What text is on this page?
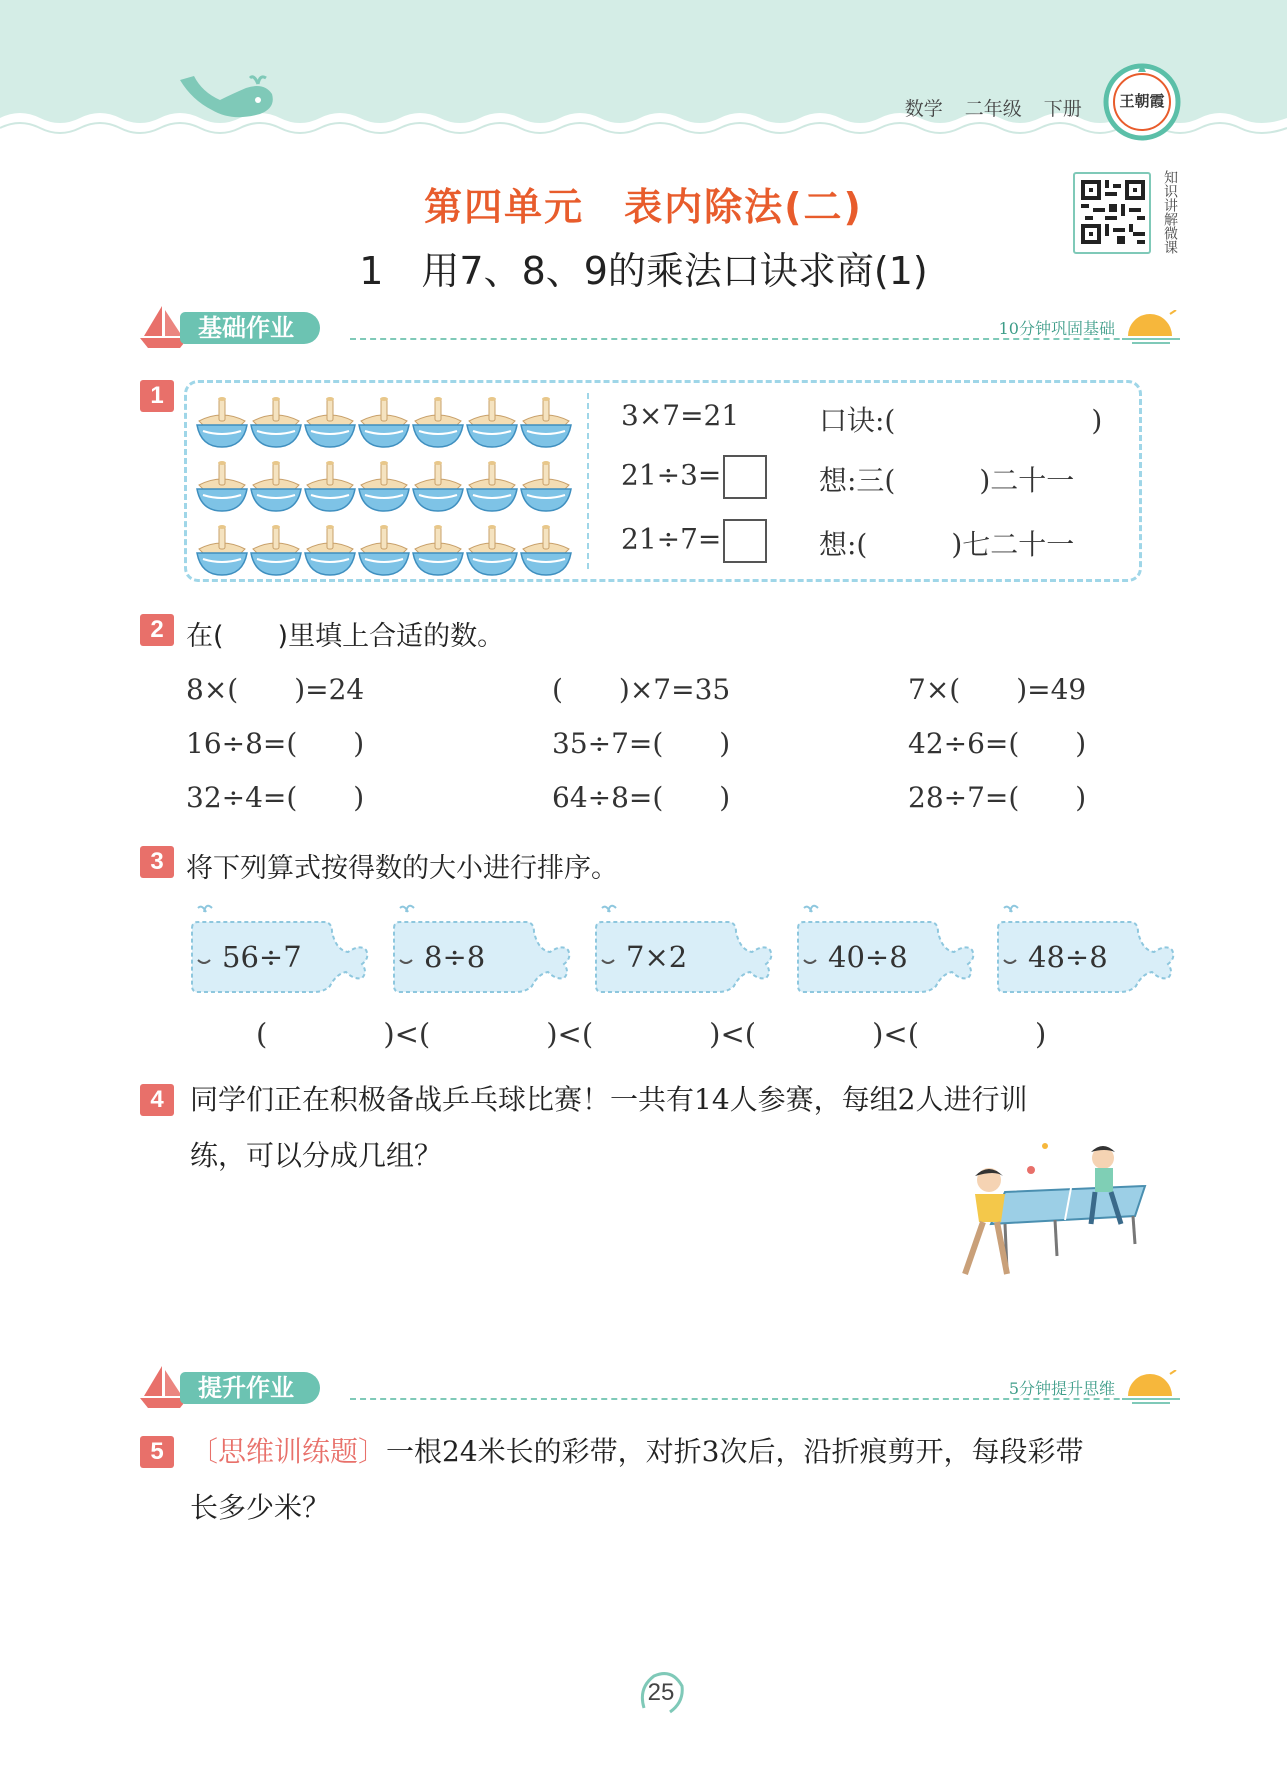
数学 二年级 下册	王朝霞
第四单元　表内除法(二)
1　用7、8、9的乘法口诀求商(1)
知识讲解微课
基础作业	10分钟巩固基础
1
3×7=21	口诀:(　　　　　　　)
21÷3=	想:三(　　　)二十一
21÷7=	想:(　　　)七二十一
2 在(　　)里填上合适的数。
8×(　　)=24	(　　)×7=35	7×(　　)=49
16÷8=(　　)	35÷7=(　　)	42÷6=(　　)
32÷4=(　　)	64÷8=(　　)	28÷7=(　　)
3 将下列算式按得数的大小进行排序。
56÷7	8÷8	7×2	40÷8	48÷8
(　　　　)<(　　　　)<(　　　　)<(　　　　)<(　　　　)
4 同学们正在积极备战乒乓球比赛！一共有14人参赛，每组2人进行训
练，可以分成几组？
提升作业	5分钟提升思维
5 〔思维训练题〕一根24米长的彩带，对折3次后，沿折痕剪开，每段彩带
长多少米？
25
